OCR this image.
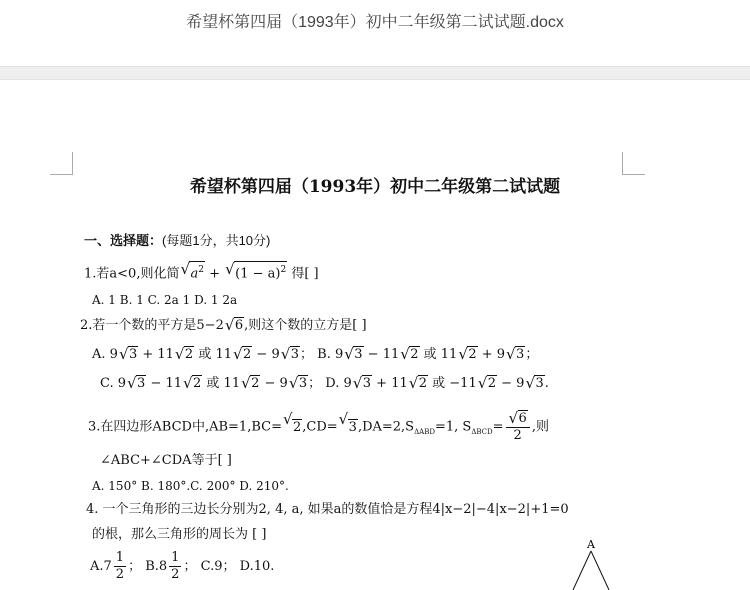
希望杯第四届（1993年）初中二年级第二试试题.docx
希望杯第四届（1993年）初中二年级第二试试题
一、选择题：(每题1分，共10分)
1.若a<0,则化简 √ $a^2$ + √ $(1 - a)^2$ 得[ ]
A. 1 B. 1 C. 2a 1 D. 1 2a
2.若一个数的平方是5−2 √ 6,则这个数的立方是[ ]
A. 9 √ 3 + 11 √ 2 或 11 √ 2 − 9 √ 3； B. 9 √ 3 − 11 √ 2 或 11 √ 2 + 9 √ 3；
C. 9 √ 3 − 11 √ 2 或 11 √ 2 − 9 √ 3； D. 9 √ 3 + 11 √ 2 或 −11 √ 2 − 9 √ 3.
3.在四边形ABCD中,AB=1,BC= √ 2,CD= √ $3,DA=2,S_{\Delta ABD}=1$, $S_{\Delta BCD}= \frac{√ 6}{2}$ ,则
∠ABC+∠CDA等于[ ]
A. 150° B. 180°.C. 200° D. 210°.
4. 一个三角形的三边长分别为2, 4, a, 如果a的数值恰是方程4|x−2|−4|x−2|+1=0
的根，那么三角形的周长为 [ ]
$A.7 \frac{1}{2}$ ； $B.8 \frac{1}{2}$ ； C.9； D.10.
A
